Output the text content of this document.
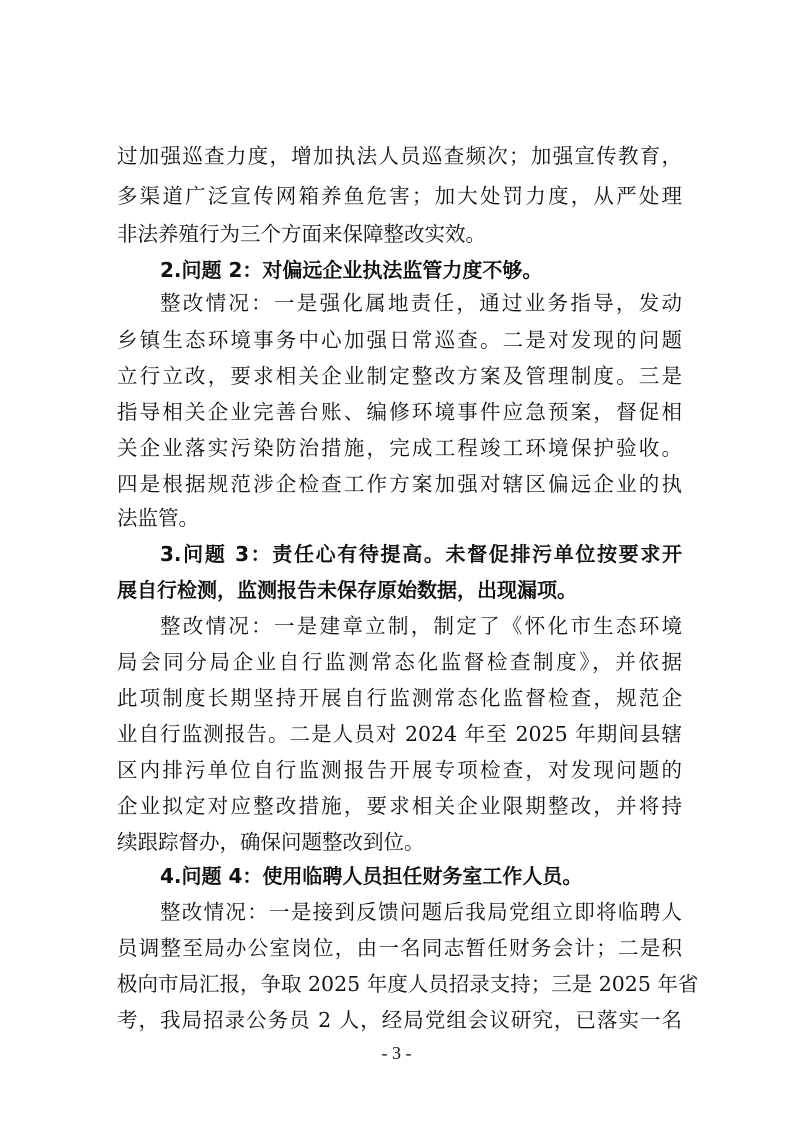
过加强巡查力度，增加执法人员巡查频次；加强宣传教育，
多渠道广泛宣传网箱养鱼危害；加大处罚力度，从严处理
非法养殖行为三个方面来保障整改实效。
2.问题 2：对偏远企业执法监管力度不够。
整改情况：一是强化属地责任，通过业务指导，发动
乡镇生态环境事务中心加强日常巡查。二是对发现的问题
立行立改，要求相关企业制定整改方案及管理制度。三是
指导相关企业完善台账、编修环境事件应急预案，督促相
关企业落实污染防治措施，完成工程竣工环境保护验收。
四是根据规范涉企检查工作方案加强对辖区偏远企业的执
法监管。
3.问题 3：责任心有待提高。未督促排污单位按要求开
展自行检测，监测报告未保存原始数据，出现漏项。
整改情况：一是建章立制，制定了《怀化市生态环境
局会同分局企业自行监测常态化监督检查制度》，并依据
此项制度长期坚持开展自行监测常态化监督检查，规范企
业自行监测报告。二是人员对 2024 年至 2025 年期间县辖
区内排污单位自行监测报告开展专项检查，对发现问题的
企业拟定对应整改措施，要求相关企业限期整改，并将持
续跟踪督办，确保问题整改到位。
4.问题 4：使用临聘人员担任财务室工作人员。
整改情况：一是接到反馈问题后我局党组立即将临聘人
员调整至局办公室岗位，由一名同志暂任财务会计；二是积
极向市局汇报，争取 2025 年度人员招录支持；三是 2025 年省
考，我局招录公务员 2 人，经局党组会议研究，已落实一名
- 3 -
